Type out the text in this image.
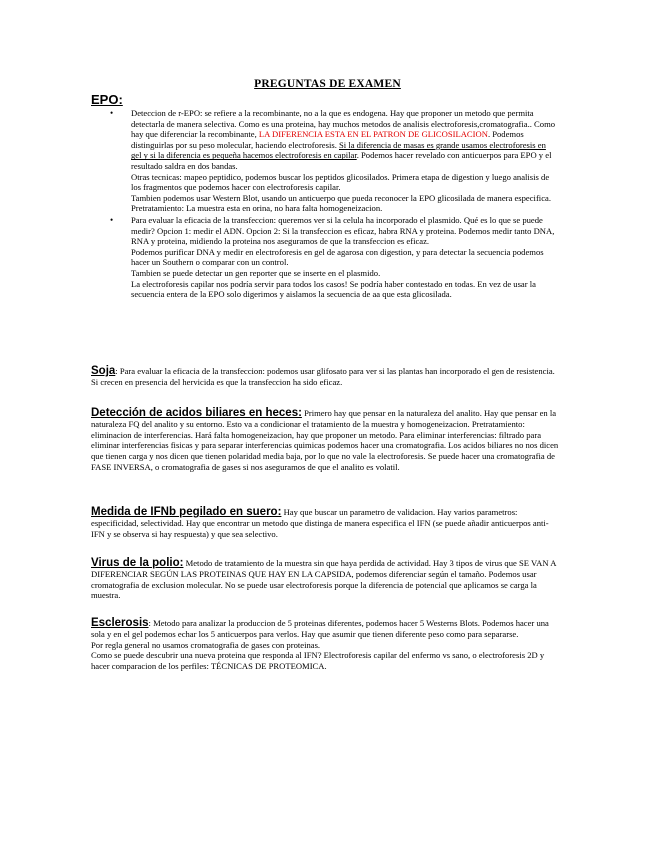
PREGUNTAS DE EXAMEN
EPO:
• Deteccion de r-EPO: se refiere a la recombinante, no a la que es endogena. Hay que proponer un metodo que permita detectarla de manera selectiva. Como es una proteina, hay muchos metodos de analisis electroforesis,cromatografia.. Como hay que diferenciar la recombinante, LA DIFERENCIA ESTA EN EL PATRON DE GLICOSILACION. Podemos distinguirlas por su peso molecular, haciendo electroforesis. Si la diferencia de masas es grande usamos electroforesis en gel y si la diferencia es pequeña hacemos electroforesis en capilar. Podemos hacer revelado con anticuerpos para EPO y el resultado saldra en dos bandas.

Otras tecnicas: mapeo peptidico, podemos buscar los peptidos glicosilados. Primera etapa de digestion y luego analisis de los fragmentos que podemos hacer con electroforesis capilar.

Tambien podemos usar Western Blot, usando un anticuerpo que pueda reconocer la EPO glicosilada de manera especifica.

Pretratamiento: La muestra esta en orina, no hara falta homogeneizacion.

• Para evaluar la eficacia de la transfeccion: queremos ver si la celula ha incorporado el plasmido. Qué es lo que se puede medir? Opcion 1: medir el ADN. Opcion 2: Si la transfeccion es eficaz, habra RNA y proteina. Podemos medir tanto DNA, RNA y proteina, midiendo la proteina nos aseguramos de que la transfeccion es eficaz.

Podemos purificar DNA y medir en electroforesis en gel de agarosa con digestion, y para detectar la secuencia podemos hacer un Southern o comparar con un control.

Tambien se puede detectar un gen reporter que se inserte en el plasmido.

La electroforesis capilar nos podría servir para todos los casos! Se podría haber contestado en todas. En vez de usar la secuencia entera de la EPO solo digerimos y aislamos la secuencia de aa que esta glicosilada.

Soja: Para evaluar la eficacia de la transfeccion: podemos usar glifosato para ver si las plantas han incorporado el gen de resistencia. Si crecen en presencia del hervicida es que la transfeccion ha sido eficaz.

Detección de acidos biliares en heces: Primero hay que pensar en la naturaleza del analito. Hay que pensar en la naturaleza FQ del analito y su entorno. Esto va a condicionar el tratamiento de la muestra y homogeneizacion. Pretratamiento: eliminacion de interferencias. Hará falta homogeneizacion, hay que proponer un metodo. Para eliminar interferencias: filtrado para eliminar interferencias fisicas y para separar interferencias quimicas podemos hacer una cromatografia. Los acidos biliares no nos dicen que tienen carga y nos dicen que tienen polaridad media baja, por lo que no vale la electroforesis. Se puede hacer una cromatografia de FASE INVERSA, o cromatografia de gases si nos aseguramos de que el analito es volatil.

Medida de IFNb pegilado en suero: Hay que buscar un parametro de validacion. Hay varios parametros: especificidad, selectividad. Hay que encontrar un metodo que distinga de manera especifica el IFN (se puede añadir anticuerpos anti-IFN y se observa si hay respuesta) y que sea selectivo.

Virus de la polio: Metodo de tratamiento de la muestra sin que haya perdida de actividad. Hay 3 tipos de virus que SE VAN A DIFERENCIAR SEGÚN LAS PROTEINAS QUE HAY EN LA CAPSIDA, podemos diferenciar según el tamaño. Podemos usar cromatografia de exclusion molecular. No se puede usar electroforesis porque la diferencia de potencial que aplicamos se carga la muestra.

Esclerosis: Metodo para analizar la produccion de 5 proteinas diferentes, podemos hacer 5 Westerns Blots. Podemos hacer una sola y en el gel podemos echar los 5 anticuerpos para verlos. Hay que asumir que tienen diferente peso como para separarse.

Por regla general no usamos cromatografia de gases con proteinas.

Como se puede descubrir una nueva proteina que responda al IFN? Electroforesis capilar del enfermo vs sano, o electroforesis 2D y hacer comparacion de los perfiles: TÉCNICAS DE PROTEOMICA.
